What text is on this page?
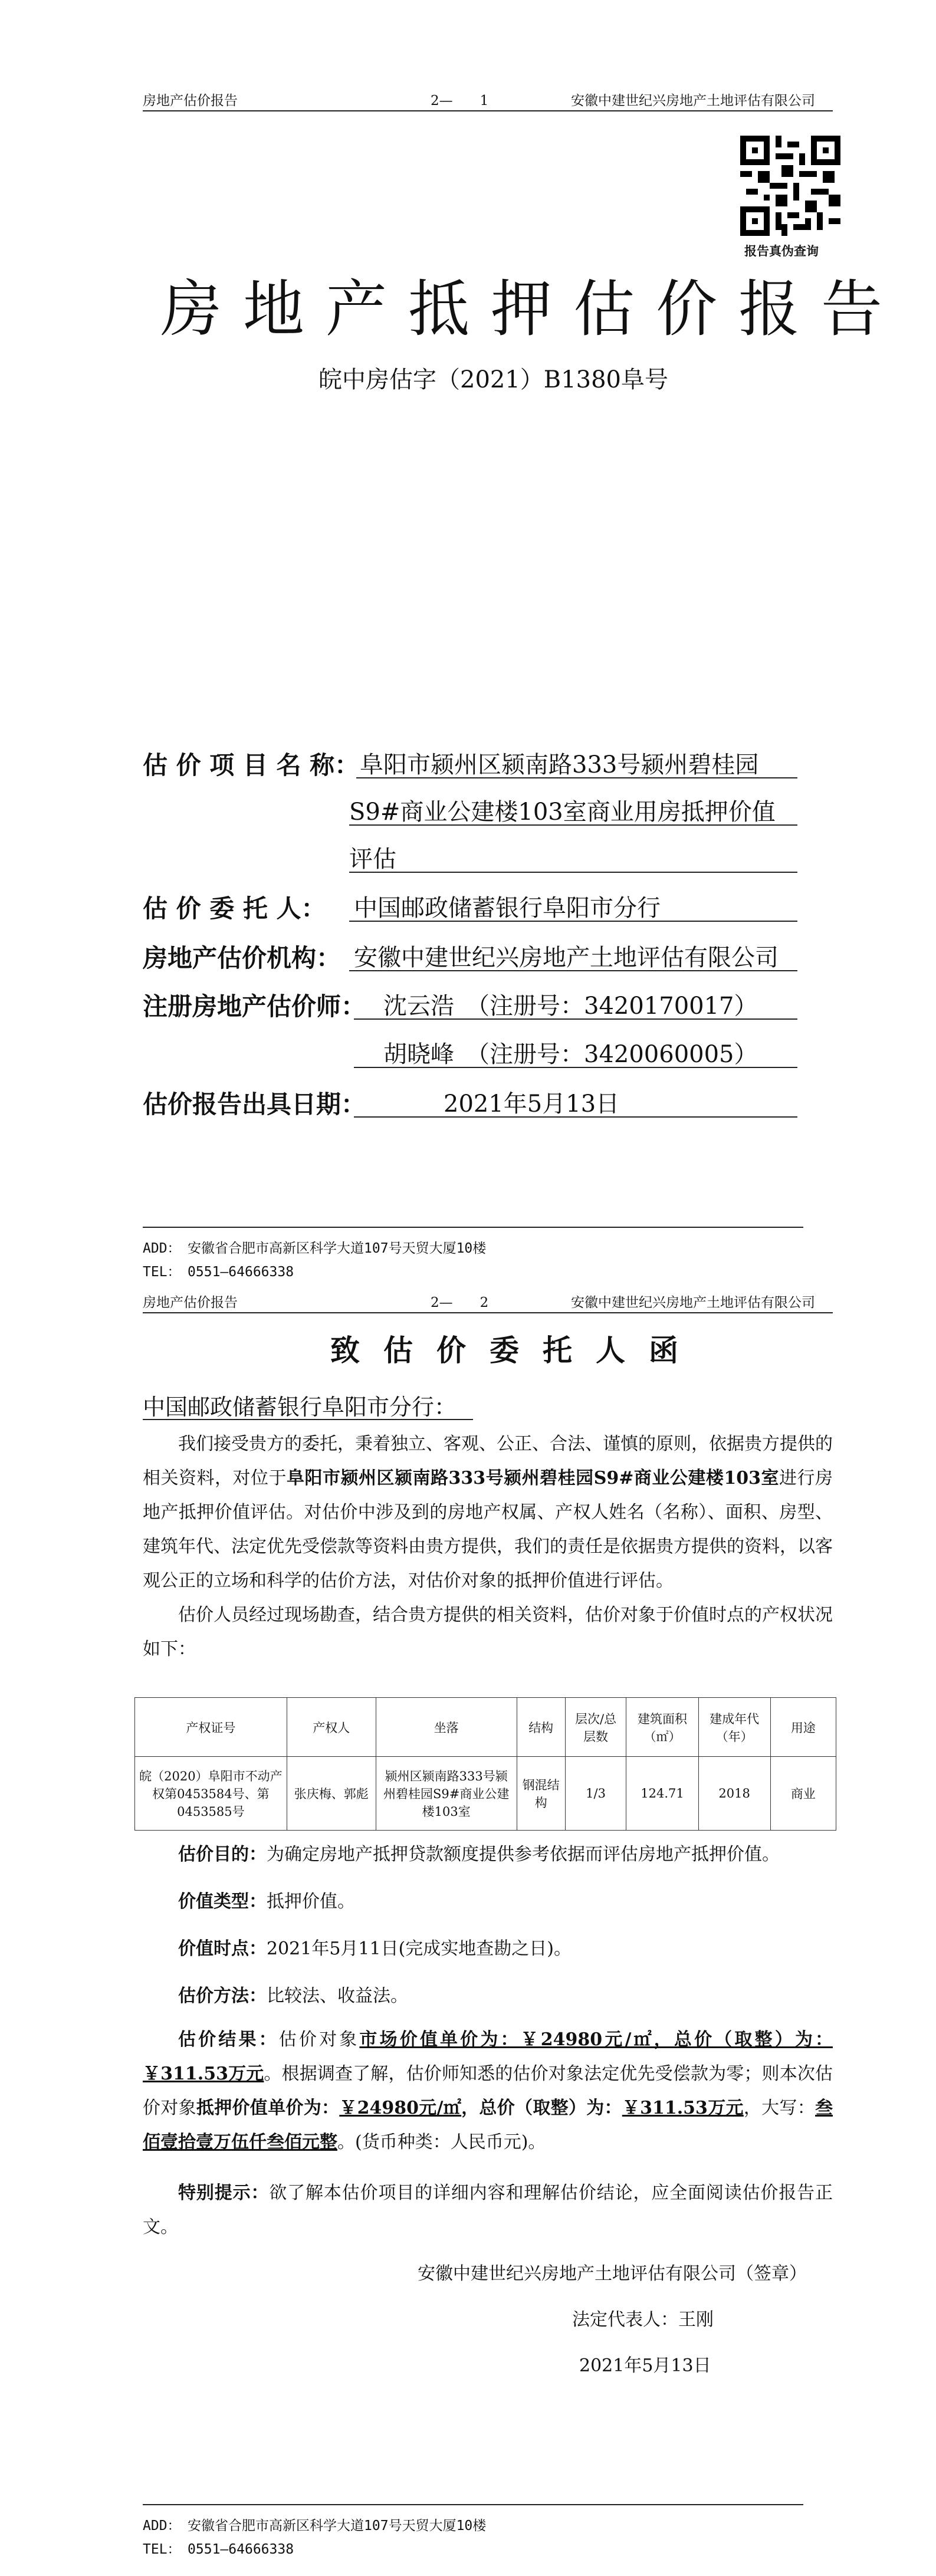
房地产估价报告	2—　　1	安徽中建世纪兴房地产土地评估有限公司
报告真伪查询
房地产抵押估价报告
皖中房估字（2021）B1380阜号
估 价 项 目 名 称： 阜阳市颍州区颍南路333号颍州碧桂园
S9#商业公建楼103室商业用房抵押价值
评估
估 价 委 托 人： 中国邮政储蓄银行阜阳市分行
房地产估价机构： 安徽中建世纪兴房地产土地评估有限公司
注册房地产估价师： 沈云浩　（注册号：3420170017）
胡晓峰　（注册号：3420060005）
估价报告出具日期：	2021年5月13日
ADD：　安徽省合肥市高新区科学大道107号天贸大厦10楼
TEL：　0551—64666338
房地产估价报告	2—　　2	安徽中建世纪兴房地产土地评估有限公司
致估价委托人函
中国邮政储蓄银行阜阳市分行：
我们接受贵方的委托，秉着独立、客观、公正、合法、谨慎的原则，依据贵方提供的相关资料，对位于阜阳市颍州区颍南路333号颍州碧桂园S9#商业公建楼103室进行房地产抵押价值评估。对估价中涉及到的房地产权属、产权人姓名（名称）、面积、房型、建筑年代、法定优先受偿款等资料由贵方提供，我们的责任是依据贵方提供的资料，以客观公正的立场和科学的估价方法，对估价对象的抵押价值进行评估。
估价人员经过现场勘查，结合贵方提供的相关资料，估价对象于价值时点的产权状况如下：
产权证号	产权人	坐落	结构	层次/总层数	建筑面积（㎡）	建成年代（年）	用途
皖（2020）阜阳市不动产权第0453584号、第0453585号	张庆梅、郭彪	颍州区颍南路333号颍州碧桂园S9#商业公建楼103室	钢混结构	1/3	124.71	2018	商业
估价目的：为确定房地产抵押贷款额度提供参考依据而评估房地产抵押价值。
价值类型：抵押价值。
价值时点：2021年5月11日(完成实地查勘之日)。
估价方法：比较法、收益法。
估价结果：估价对象市场价值单价为：￥24980元/㎡，总价（取整）为：￥311.53万元。根据调查了解，估价师知悉的估价对象法定优先受偿款为零；则本次估价对象抵押价值单价为：￥24980元/㎡，总价（取整）为：￥311.53万元，大写：叁佰壹拾壹万伍仟叁佰元整。(货币种类：人民币元)。
特别提示：欲了解本估价项目的详细内容和理解估价结论，应全面阅读估价报告正文。
安徽中建世纪兴房地产土地评估有限公司（签章）
法定代表人：王刚
2021年5月13日
ADD：　安徽省合肥市高新区科学大道107号天贸大厦10楼
TEL：　0551—64666338
